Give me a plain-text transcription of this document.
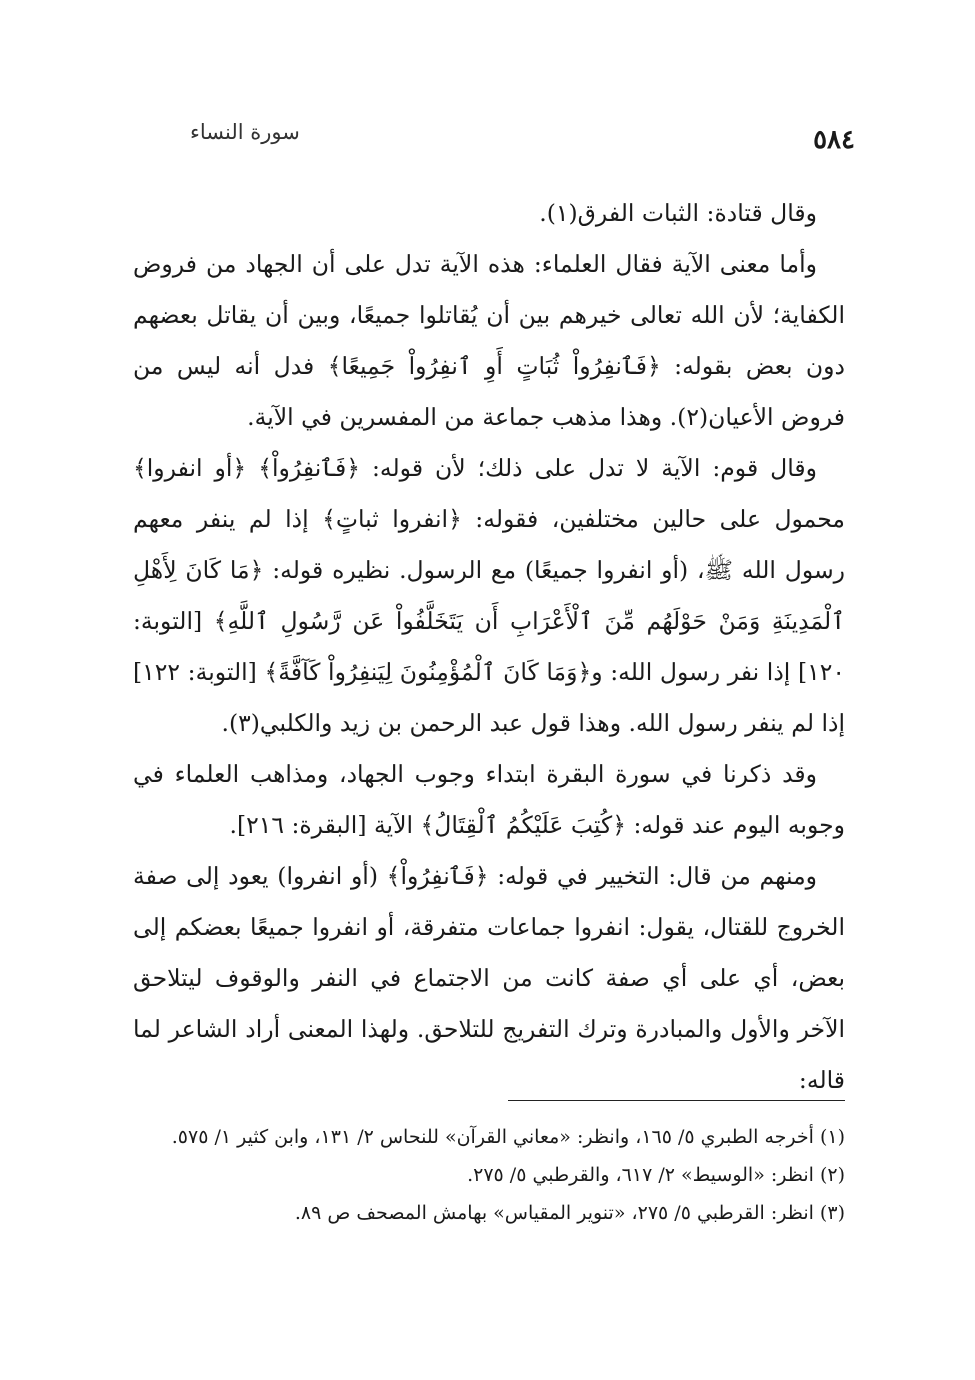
٥٨٤
سورة النساء

وقال قتادة: الثبات الفرق(١).

وأما معنى الآية فقال العلماء: هذه الآية تدل على أن الجهاد من فروض الكفاية؛ لأن الله تعالى خيرهم بين أن يُقاتلوا جميعًا، وبين أن يقاتل بعضهم دون بعض بقوله: ﴿فَٱنفِرُواْ ثُبَاتٍ أَوِ ٱنفِرُواْ جَمِيعًا﴾ فدل أنه ليس من فروض الأعيان(٢). وهذا مذهب جماعة من المفسرين في الآية.

وقال قوم: الآية لا تدل على ذلك؛ لأن قوله: ﴿فَٱنفِرُواْ﴾ ﴿أو انفروا﴾ محمول على حالين مختلفين، فقوله: ﴿انفروا ثباتٍ﴾ إذا لم ينفر معهم رسول الله ﷺ، (أو انفروا جميعًا) مع الرسول. نظيره قوله: ﴿مَا كَانَ لِأَهْلِ ٱلْمَدِينَةِ وَمَنْ حَوْلَهُم مِّنَ ٱلْأَعْرَابِ أَن يَتَخَلَّفُواْ عَن رَّسُولِ ٱللَّهِ﴾ [التوبة: ١٢٠] إذا نفر رسول الله: و﴿وَمَا كَانَ ٱلْمُؤْمِنُونَ لِيَنفِرُواْ كَآفَّةً﴾ [التوبة: ١٢٢] إذا لم ينفر رسول الله. وهذا قول عبد الرحمن بن زيد والكلبي(٣).

وقد ذكرنا في سورة البقرة ابتداء وجوب الجهاد، ومذاهب العلماء في وجوبه اليوم عند قوله: ﴿كُتِبَ عَلَيْكُمُ ٱلْقِتَالُ﴾ الآية [البقرة: ٢١٦].

ومنهم من قال: التخيير في قوله: ﴿فَٱنفِرُواْ﴾ (أو انفروا) يعود إلى صفة الخروج للقتال، يقول: انفروا جماعات متفرقة، أو انفروا جميعًا بعضكم إلى بعض، أي على أي صفة كانت من الاجتماع في النفر والوقوف ليتلاحق الآخر والأول والمبادرة وترك التفريج للتلاحق. ولهذا المعنى أراد الشاعر لما قاله:

(١) أخرجه الطبري ٥/ ١٦٥، وانظر: «معاني القرآن» للنحاس ٢/ ١٣١، وابن كثير ١/ ٥٧٥.

(٢) انظر: «الوسيط» ٢/ ٦١٧، والقرطبي ٥/ ٢٧٥.

(٣) انظر: القرطبي ٥/ ٢٧٥، «تنوير المقياس» بهامش المصحف ص ٨٩.
